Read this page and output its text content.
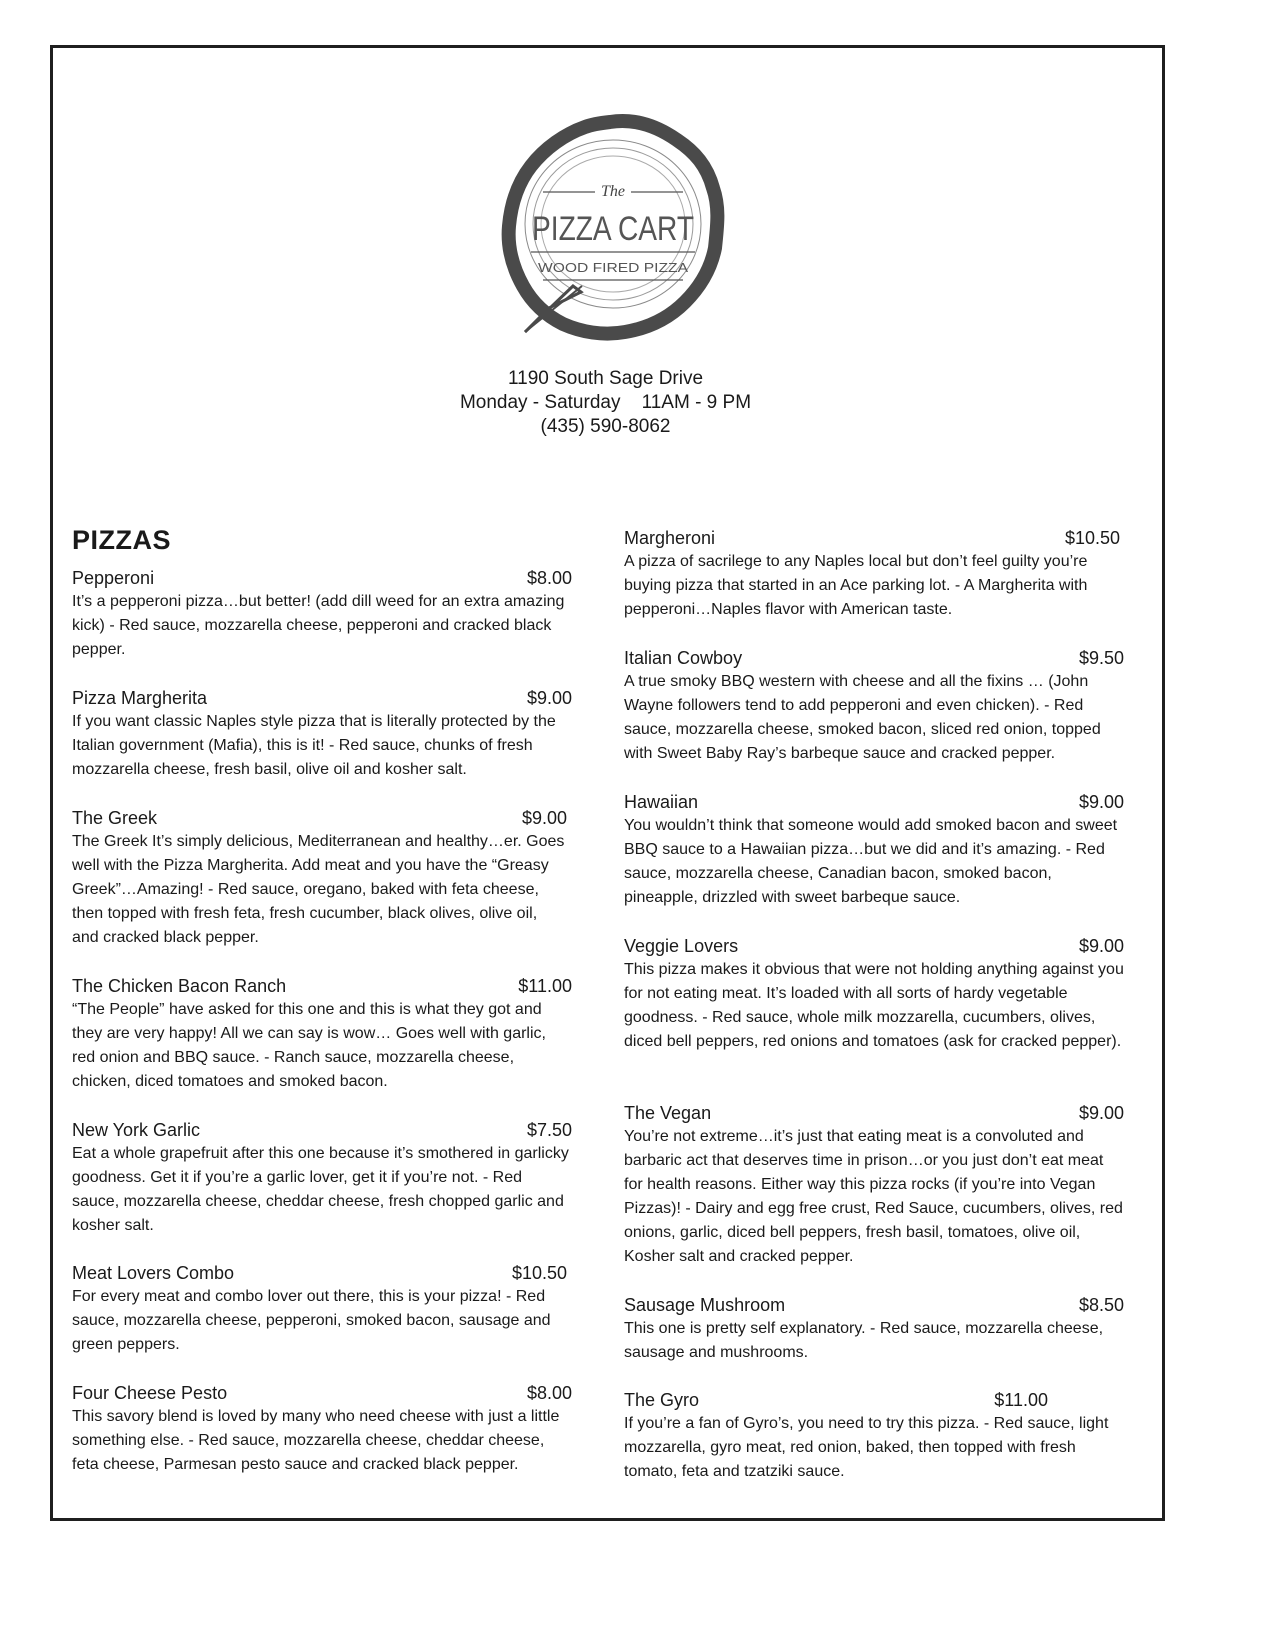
The
PIZZA CART
WOOD FIRED PIZZA
1190 South Sage Drive
Monday - Saturday    11AM - 9 PM
(435) 590-8062
PIZZAS
Pepperoni	$8.00
It’s a pepperoni pizza…but better! (add dill weed for an extra amazing kick) - Red sauce, mozzarella cheese, pepperoni and cracked black pepper.
Pizza Margherita	$9.00
If you want classic Naples style pizza that is literally protected by the Italian government (Mafia), this is it! - Red sauce, chunks of fresh mozzarella cheese, fresh basil, olive oil and kosher salt.
The Greek	$9.00
The Greek It’s simply delicious, Mediterranean and healthy…er. Goes well with the Pizza Margherita. Add meat and you have the “Greasy Greek”…Amazing! - Red sauce, oregano, baked with feta cheese, then topped with fresh feta, fresh cucumber, black olives, olive oil, and cracked black pepper.
The Chicken Bacon Ranch	$11.00
“The People” have asked for this one and this is what they got and they are very happy! All we can say is wow… Goes well with garlic, red onion and BBQ sauce. - Ranch sauce, mozzarella cheese, chicken, diced tomatoes and smoked bacon.
New York Garlic	$7.50
Eat a whole grapefruit after this one because it’s smothered in garlicky goodness. Get it if you’re a garlic lover, get it if you’re not. - Red sauce, mozzarella cheese, cheddar cheese, fresh chopped garlic and kosher salt.
Meat Lovers Combo	$10.50
For every meat and combo lover out there, this is your pizza! - Red sauce, mozzarella cheese, pepperoni, smoked bacon, sausage and green peppers.
Four Cheese Pesto	$8.00
This savory blend is loved by many who need cheese with just a little something else. - Red sauce, mozzarella cheese, cheddar cheese, feta cheese, Parmesan pesto sauce and cracked black pepper.
Margheroni	$10.50
A pizza of sacrilege to any Naples local but don’t feel guilty you’re buying pizza that started in an Ace parking lot. - A Margherita with pepperoni…Naples flavor with American taste.
Italian Cowboy	$9.50
A true smoky BBQ western with cheese and all the fixins … (John Wayne followers tend to add pepperoni and even chicken). - Red sauce, mozzarella cheese, smoked bacon, sliced red onion, topped with Sweet Baby Ray’s barbeque sauce and cracked pepper.
Hawaiian	$9.00
You wouldn’t think that someone would add smoked bacon and sweet BBQ sauce to a Hawaiian pizza…but we did and it’s amazing. - Red sauce, mozzarella cheese, Canadian bacon, smoked bacon, pineapple, drizzled with sweet barbeque sauce.
Veggie Lovers	$9.00
This pizza makes it obvious that were not holding anything against you for not eating meat. It’s loaded with all sorts of hardy vegetable goodness. - Red sauce, whole milk mozzarella, cucumbers, olives, diced bell peppers, red onions and tomatoes (ask for cracked pepper).
The Vegan	$9.00
You’re not extreme…it’s just that eating meat is a convoluted and barbaric act that deserves time in prison…or you just don’t eat meat for health reasons. Either way this pizza rocks (if you’re into Vegan Pizzas)! - Dairy and egg free crust, Red Sauce, cucumbers, olives, red onions, garlic, diced bell peppers, fresh basil, tomatoes, olive oil, Kosher salt and cracked pepper.
Sausage Mushroom	$8.50
This one is pretty self explanatory. - Red sauce, mozzarella cheese, sausage and mushrooms.
The Gyro	$11.00
If you’re a fan of Gyro’s, you need to try this pizza. - Red sauce, light mozzarella, gyro meat, red onion, baked, then topped with fresh tomato, feta and tzatziki sauce.
